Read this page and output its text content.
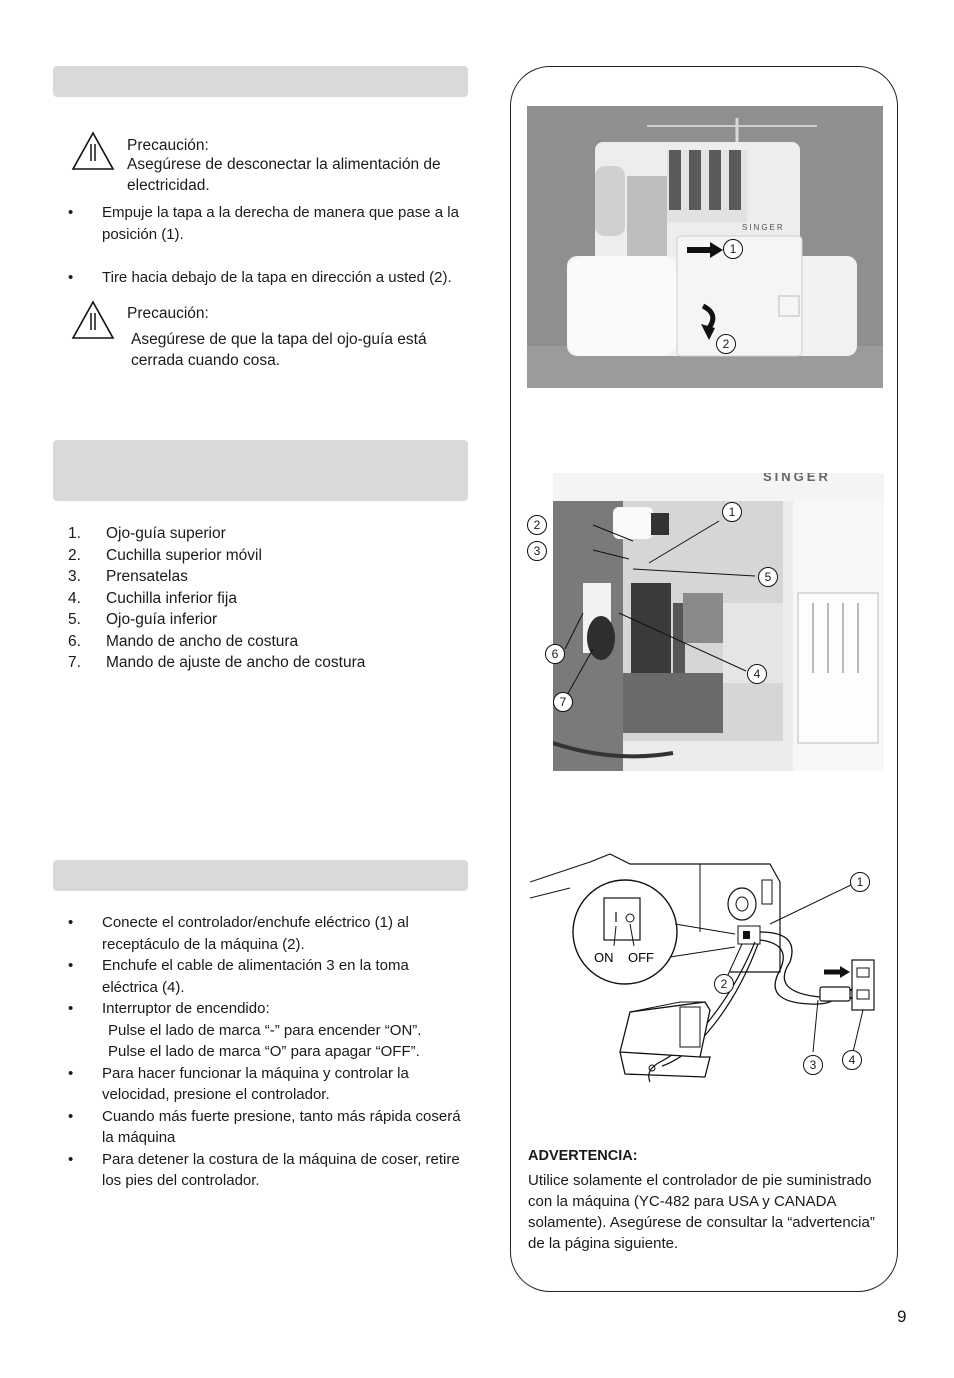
Precaución:
Asegúrese de desconectar la alimentación de electricidad.
• Empuje la tapa a la derecha de manera que pase a la posición (1).
• Tire hacia debajo de la tapa en dirección a usted (2).
Precaución:
Asegúrese de que la tapa del ojo-guía está cerrada cuando cosa.
1. Ojo-guía superior
2. Cuchilla superior móvil
3. Prensatelas
4. Cuchilla inferior fija
5. Ojo-guía inferior
6. Mando de ancho de costura
7. Mando de ajuste de ancho de costura
• Conecte el controlador/enchufe eléctrico (1) al receptáculo de la máquina (2).
• Enchufe el cable de alimentación 3 en la toma eléctrica (4).
• Interruptor de encendido:
Pulse el lado de marca “-” para encender “ON”.
Pulse el lado de marca “O” para apagar “OFF”.
• Para hacer funcionar la máquina y controlar la velocidad, presione el controlador.
• Cuando más fuerte presione, tanto más rápida coserá la máquina
• Para detener la costura de la máquina de coser, retire los pies del controlador.
SINGER
1
2
SINGER
1
2
3
4
5
6
7
ON OFF
1
2
3	4
ADVERTENCIA:
Utilice solamente el controlador de pie suministrado con la máquina (YC-482 para USA y CANADA solamente). Asegúrese de consultar la “advertencia” de la página siguiente.
9
